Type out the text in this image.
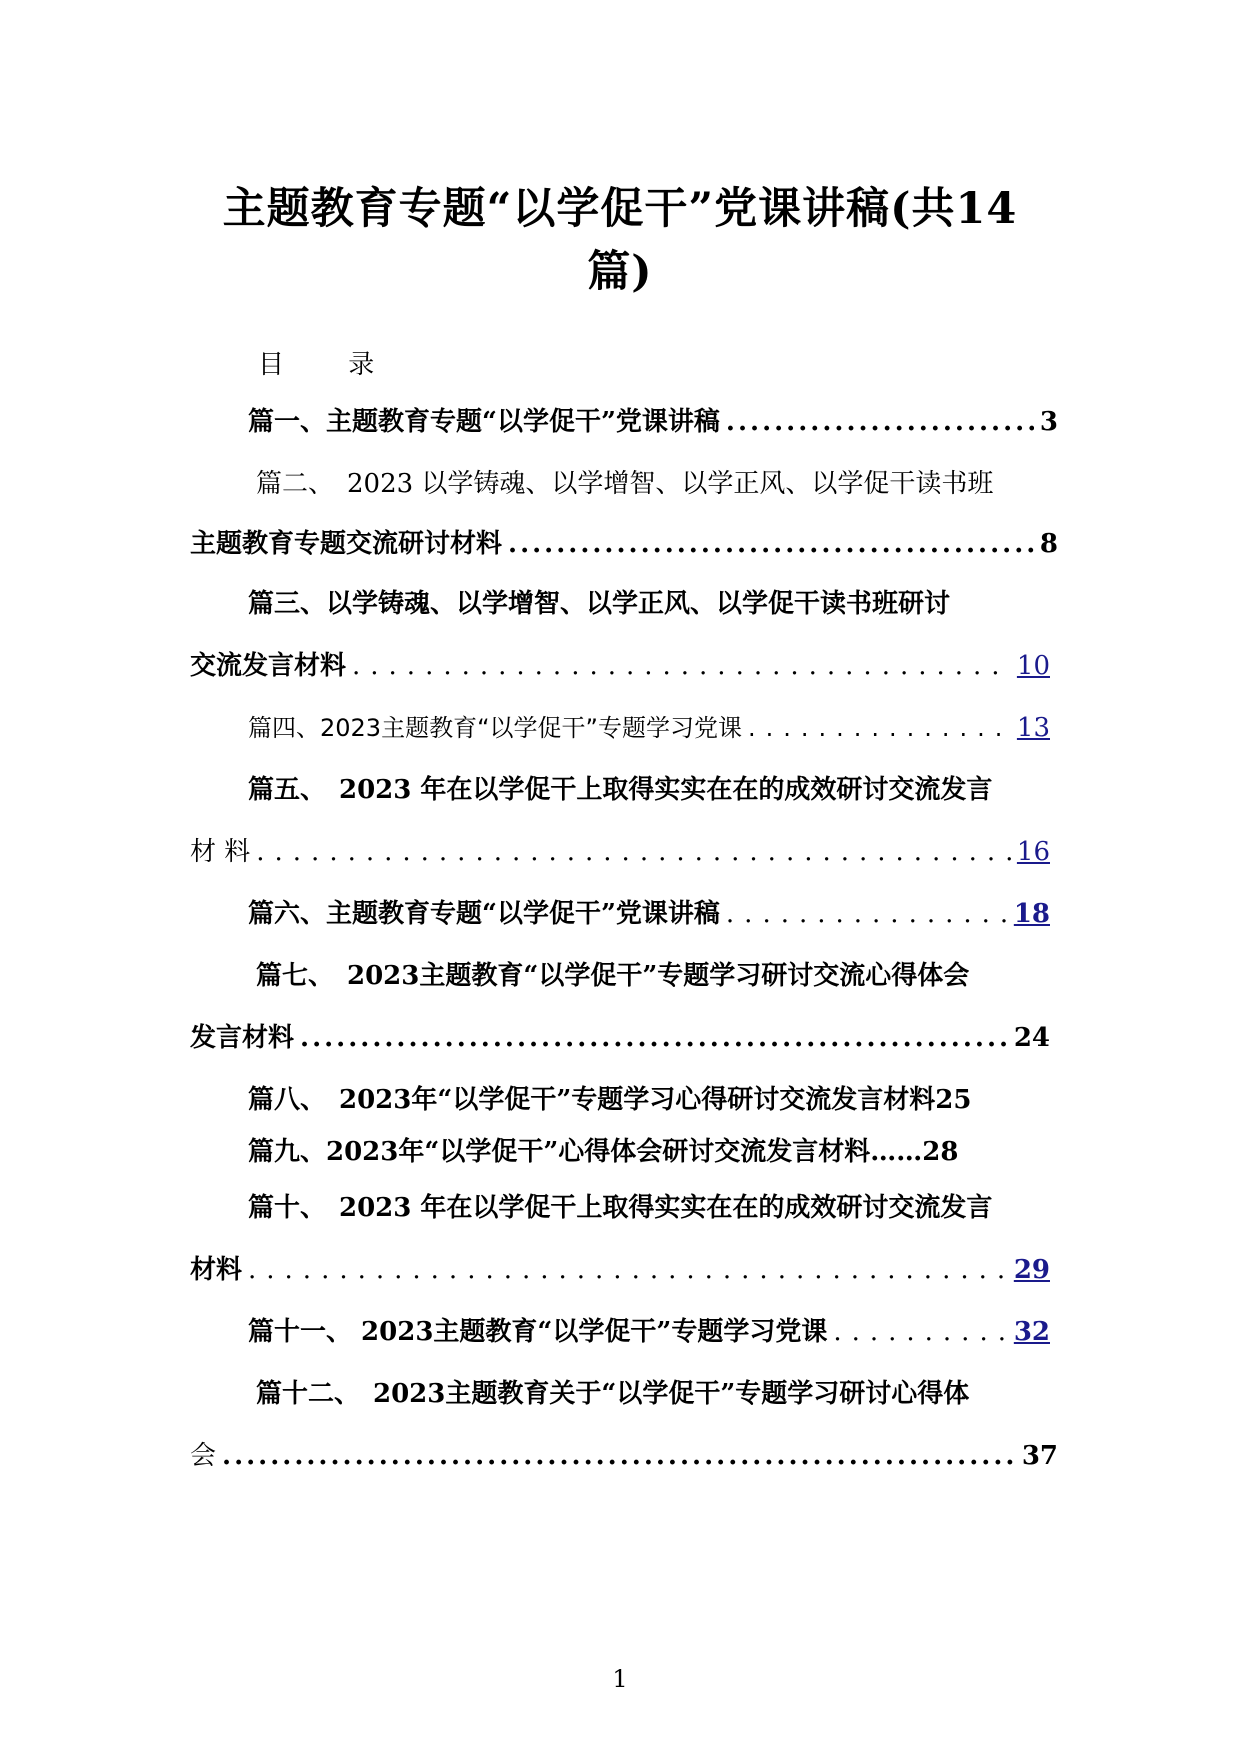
主题教育专题“以学促干”党课讲稿(共14
篇)
目 录
篇一、主题教育专题“以学促干”党课讲稿 .....	3
篇二、　2023 以学铸魂、以学增智、以学正风、以学促干读书班
主题教育专题交流研讨材料 .....	8
篇三、以学铸魂、以学增智、以学正风、以学促干读书班研讨
交流发言材料 .....	10
篇四、2023主题教育“以学促干”专题学习党课 .....	13
篇五、　2023 年在以学促干上取得实实在在的成效研讨交流发言
材 料 .....	16
篇六、主题教育专题“以学促干”党课讲稿 .....	18
篇七、　2023主题教育“以学促干”专题学习研讨交流心得体会
发言材料 .....	24
篇八、　2023年“以学促干”专题学习心得研讨交流发言材料25
篇九、2023年“以学促干”心得体会研讨交流发言材料……28
篇十、　2023 年在以学促干上取得实实在在的成效研讨交流发言
材料 .....	29
篇十一、 2023主题教育“以学促干”专题学习党课 .....	32
篇十二、　2023主题教育关于“以学促干”专题学习研讨心得体
会 .....	37
1
